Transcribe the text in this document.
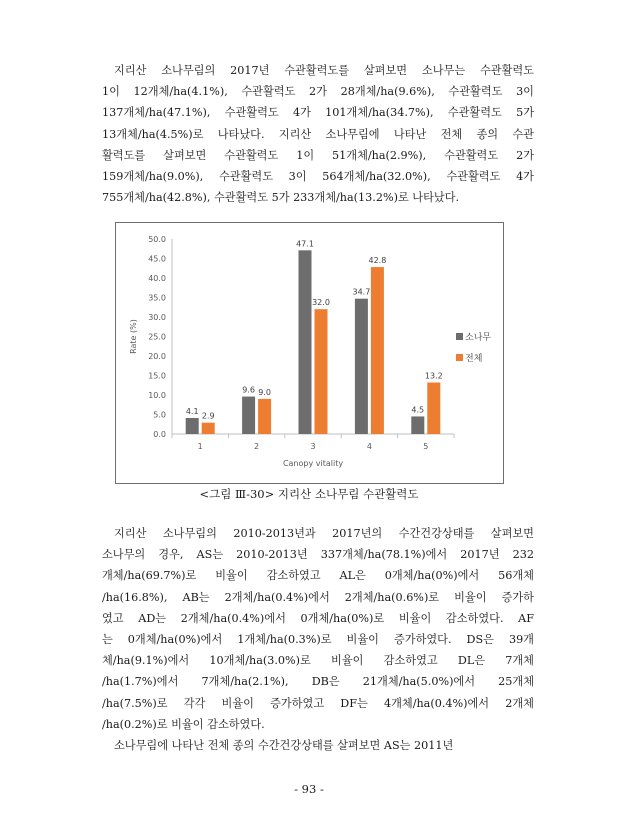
지리산 소나무림의 2017년 수관활력도를 살펴보면 소나무는 수관활력도
1이 12개체/ha(4.1%), 수관활력도 2가 28개체/ha(9.6%), 수관활력도 3이
137개체/ha(47.1%), 수관활력도 4가 101개체/ha(34.7%), 수관활력도 5가
13개체/ha(4.5%)로 나타났다. 지리산 소나무림에 나타난 전체 종의 수관
활력도를 살펴보면 수관활력도 1이 51개체/ha(2.9%), 수관활력도 2가
159개체/ha(9.0%), 수관활력도 3이 564개체/ha(32.0%), 수관활력도 4가
755개체/ha(42.8%), 수관활력도 5가 233개체/ha(13.2%)로 나타났다.
0.0
5.0
10.0
15.0
20.0
25.0
30.0
35.0
40.0
45.0
50.0
1
4.1
2.9
2
9.6 9.0
3
47.1
32.0
4
34.7
42.8
5
4.5
13.2
Canopy vitality
Rate (%)	소나무
전체
<그림 Ⅲ-30> 지리산 소나무림 수관활력도
지리산 소나무림의 2010-2013년과 2017년의 수간건강상태를 살펴보면
소나무의 경우, AS는 2010-2013년 337개체/ha(78.1%)에서 2017년 232
개체/ha(69.7%)로 비율이 감소하였고 AL은 0개체/ha(0%)에서 56개체
/ha(16.8%), AB는 2개체/ha(0.4%)에서 2개체/ha(0.6%)로 비율이 증가하
였고 AD는 2개체/ha(0.4%)에서 0개체/ha(0%)로 비율이 감소하였다. AF
는 0개체/ha(0%)에서 1개체/ha(0.3%)로 비율이 증가하였다. DS은 39개
체/ha(9.1%)에서 10개체/ha(3.0%)로 비율이 감소하였고 DL은 7개체
/ha(1.7%)에서 7개체/ha(2.1%), DB은 21개체/ha(5.0%)에서 25개체
/ha(7.5%)로 각각 비율이 증가하였고 DF는 4개체/ha(0.4%)에서 2개체
/ha(0.2%)로 비율이 감소하였다.
소나무림에 나타난 전체 종의 수간건강상태를 살펴보면 AS는 2011년
- 93 -
